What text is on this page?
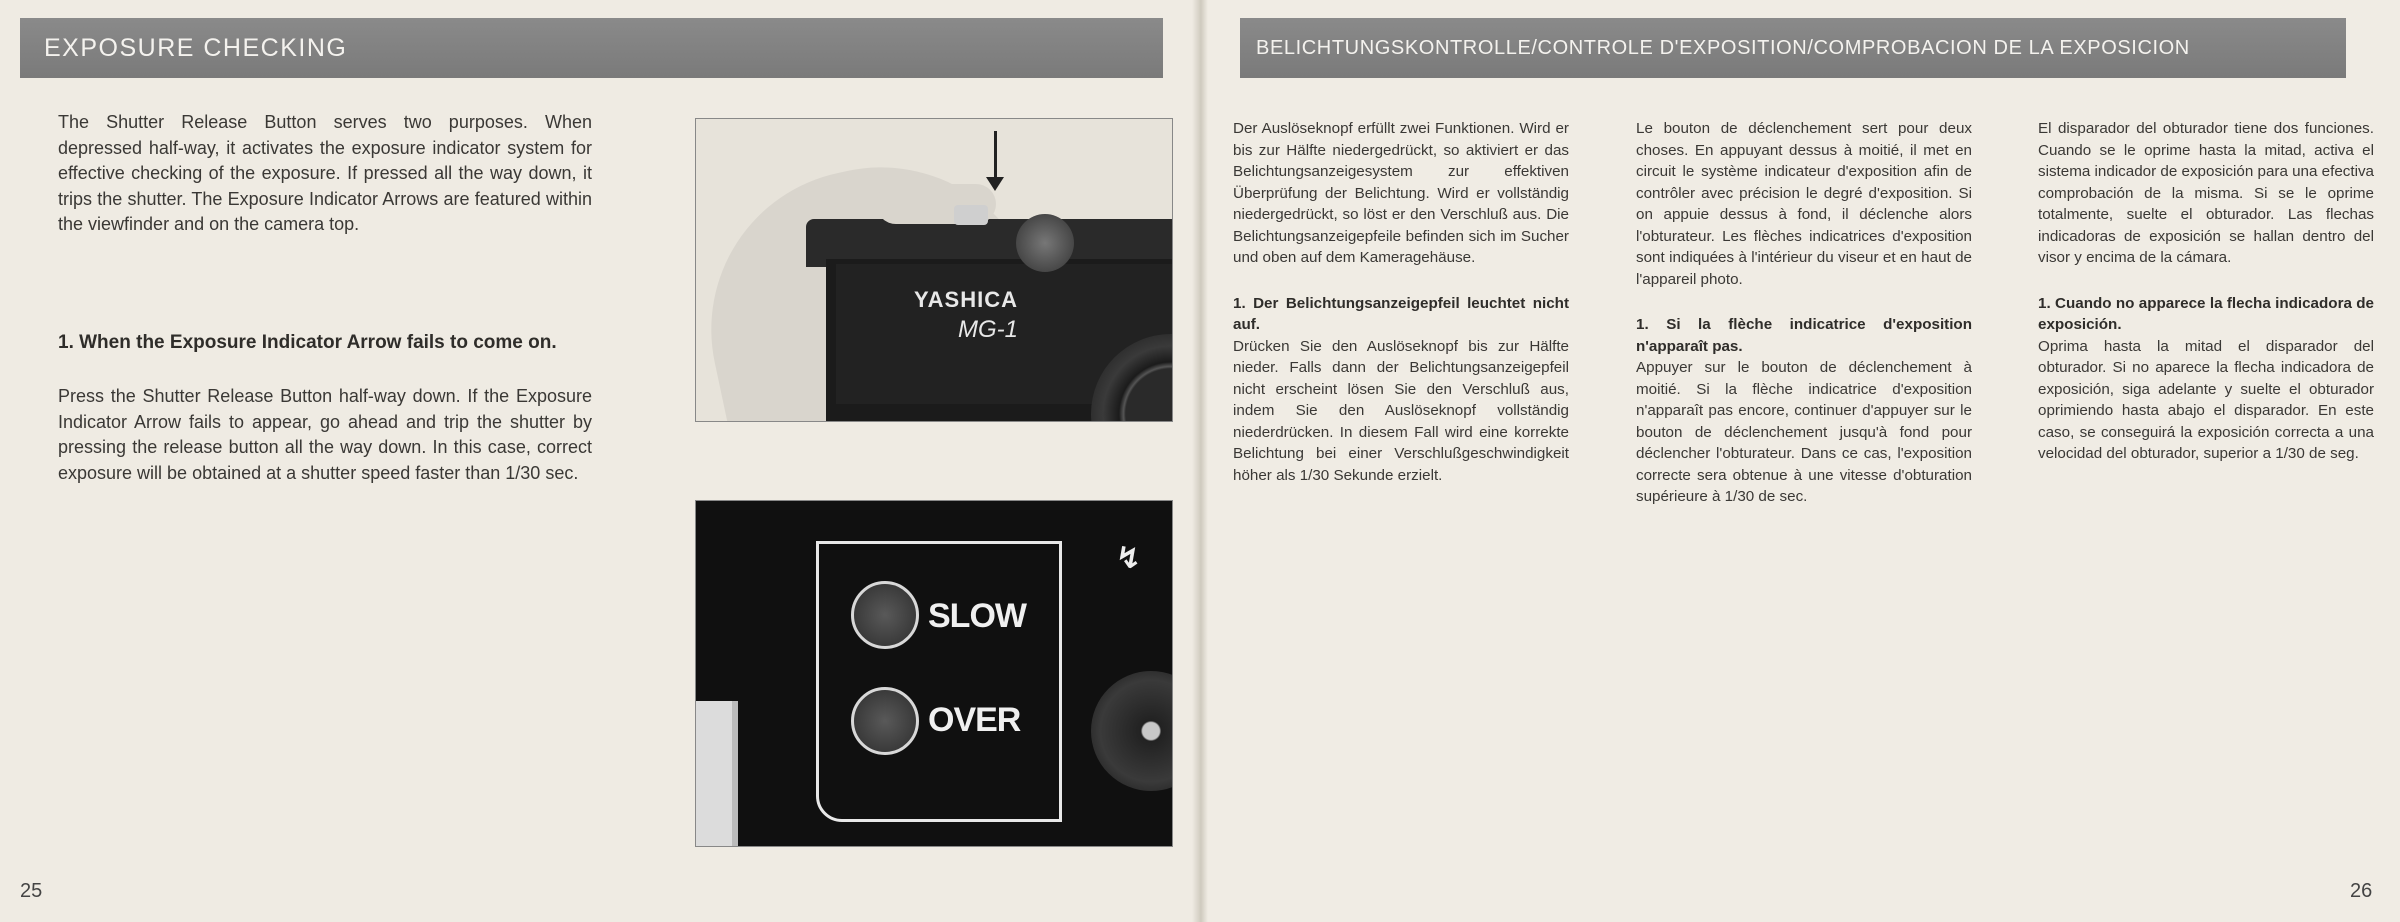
EXPOSURE CHECKING

The Shutter Release Button serves two purposes. When depressed half-way, it activates the exposure indicator system for effective checking of the exposure. If pressed all the way down, it trips the shutter. The Exposure Indicator Arrows are featured within the viewfinder and on the camera top.

1. When the Exposure Indicator Arrow fails to come on.

Press the Shutter Release Button half-way down. If the Exposure Indicator Arrow fails to appear, go ahead and trip the shutter by pressing the release button all the way down. In this case, correct exposure will be obtained at a shutter speed faster than 1/30 sec.

YASHICA
MG-1
SLOW
OVER
↯
25
BELICHTUNGSKONTROLLE/CONTROLE D'EXPOSITION/COMPROBACION DE LA EXPOSICION

Der Auslöseknopf erfüllt zwei Funktionen. Wird er bis zur Hälfte niedergedrückt, so aktiviert er das Belichtungsanzeigesystem zur effektiven Überprüfung der Belichtung. Wird er vollständig niedergedrückt, so löst er den Verschluß aus. Die Belichtungsanzeigepfeile befinden sich im Sucher und oben auf dem Kameragehäuse.

1. Der Belichtungsanzeigepfeil leuchtet nicht auf.

Drücken Sie den Auslöseknopf bis zur Hälfte nieder. Falls dann der Belichtungsanzeigepfeil nicht erscheint lösen Sie den Verschluß aus, indem Sie den Auslöseknopf vollständig niederdrücken. In diesem Fall wird eine korrekte Belichtung bei einer Verschlußgeschwindigkeit höher als 1/30 Sekunde erzielt.

Le bouton de déclenchement sert pour deux choses. En appuyant dessus à moitié, il met en circuit le système indicateur d'exposition afin de contrôler avec précision le degré d'exposition. Si on appuie dessus à fond, il déclenche alors l'obturateur. Les flèches indicatrices d'exposition sont indiquées à l'intérieur du viseur et en haut de l'appareil photo.

1. Si la flèche indicatrice d'exposition n'apparaît pas.

Appuyer sur le bouton de déclenchement à moitié. Si la flèche indicatrice d'exposition n'apparaît pas encore, continuer d'appuyer sur le bouton de déclenchement jusqu'à fond pour déclencher l'obturateur. Dans ce cas, l'exposition correcte sera obtenue à une vitesse d'obturation supérieure à 1/30 de sec.

El disparador del obturador tiene dos funciones. Cuando se le oprime hasta la mitad, activa el sistema indicador de exposición para una efectiva comprobación de la misma. Si se le oprime totalmente, suelte el obturador. Las flechas indicadoras de exposición se hallan dentro del visor y encima de la cámara.

1. Cuando no apparece la flecha indicadora de exposición.

Oprima hasta la mitad el disparador del obturador. Si no aparece la flecha indicadora de exposición, siga adelante y suelte el obturador oprimiendo hasta abajo el disparador. En este caso, se conseguirá la exposición correcta a una velocidad del obturador, superior a 1/30 de seg.

26
